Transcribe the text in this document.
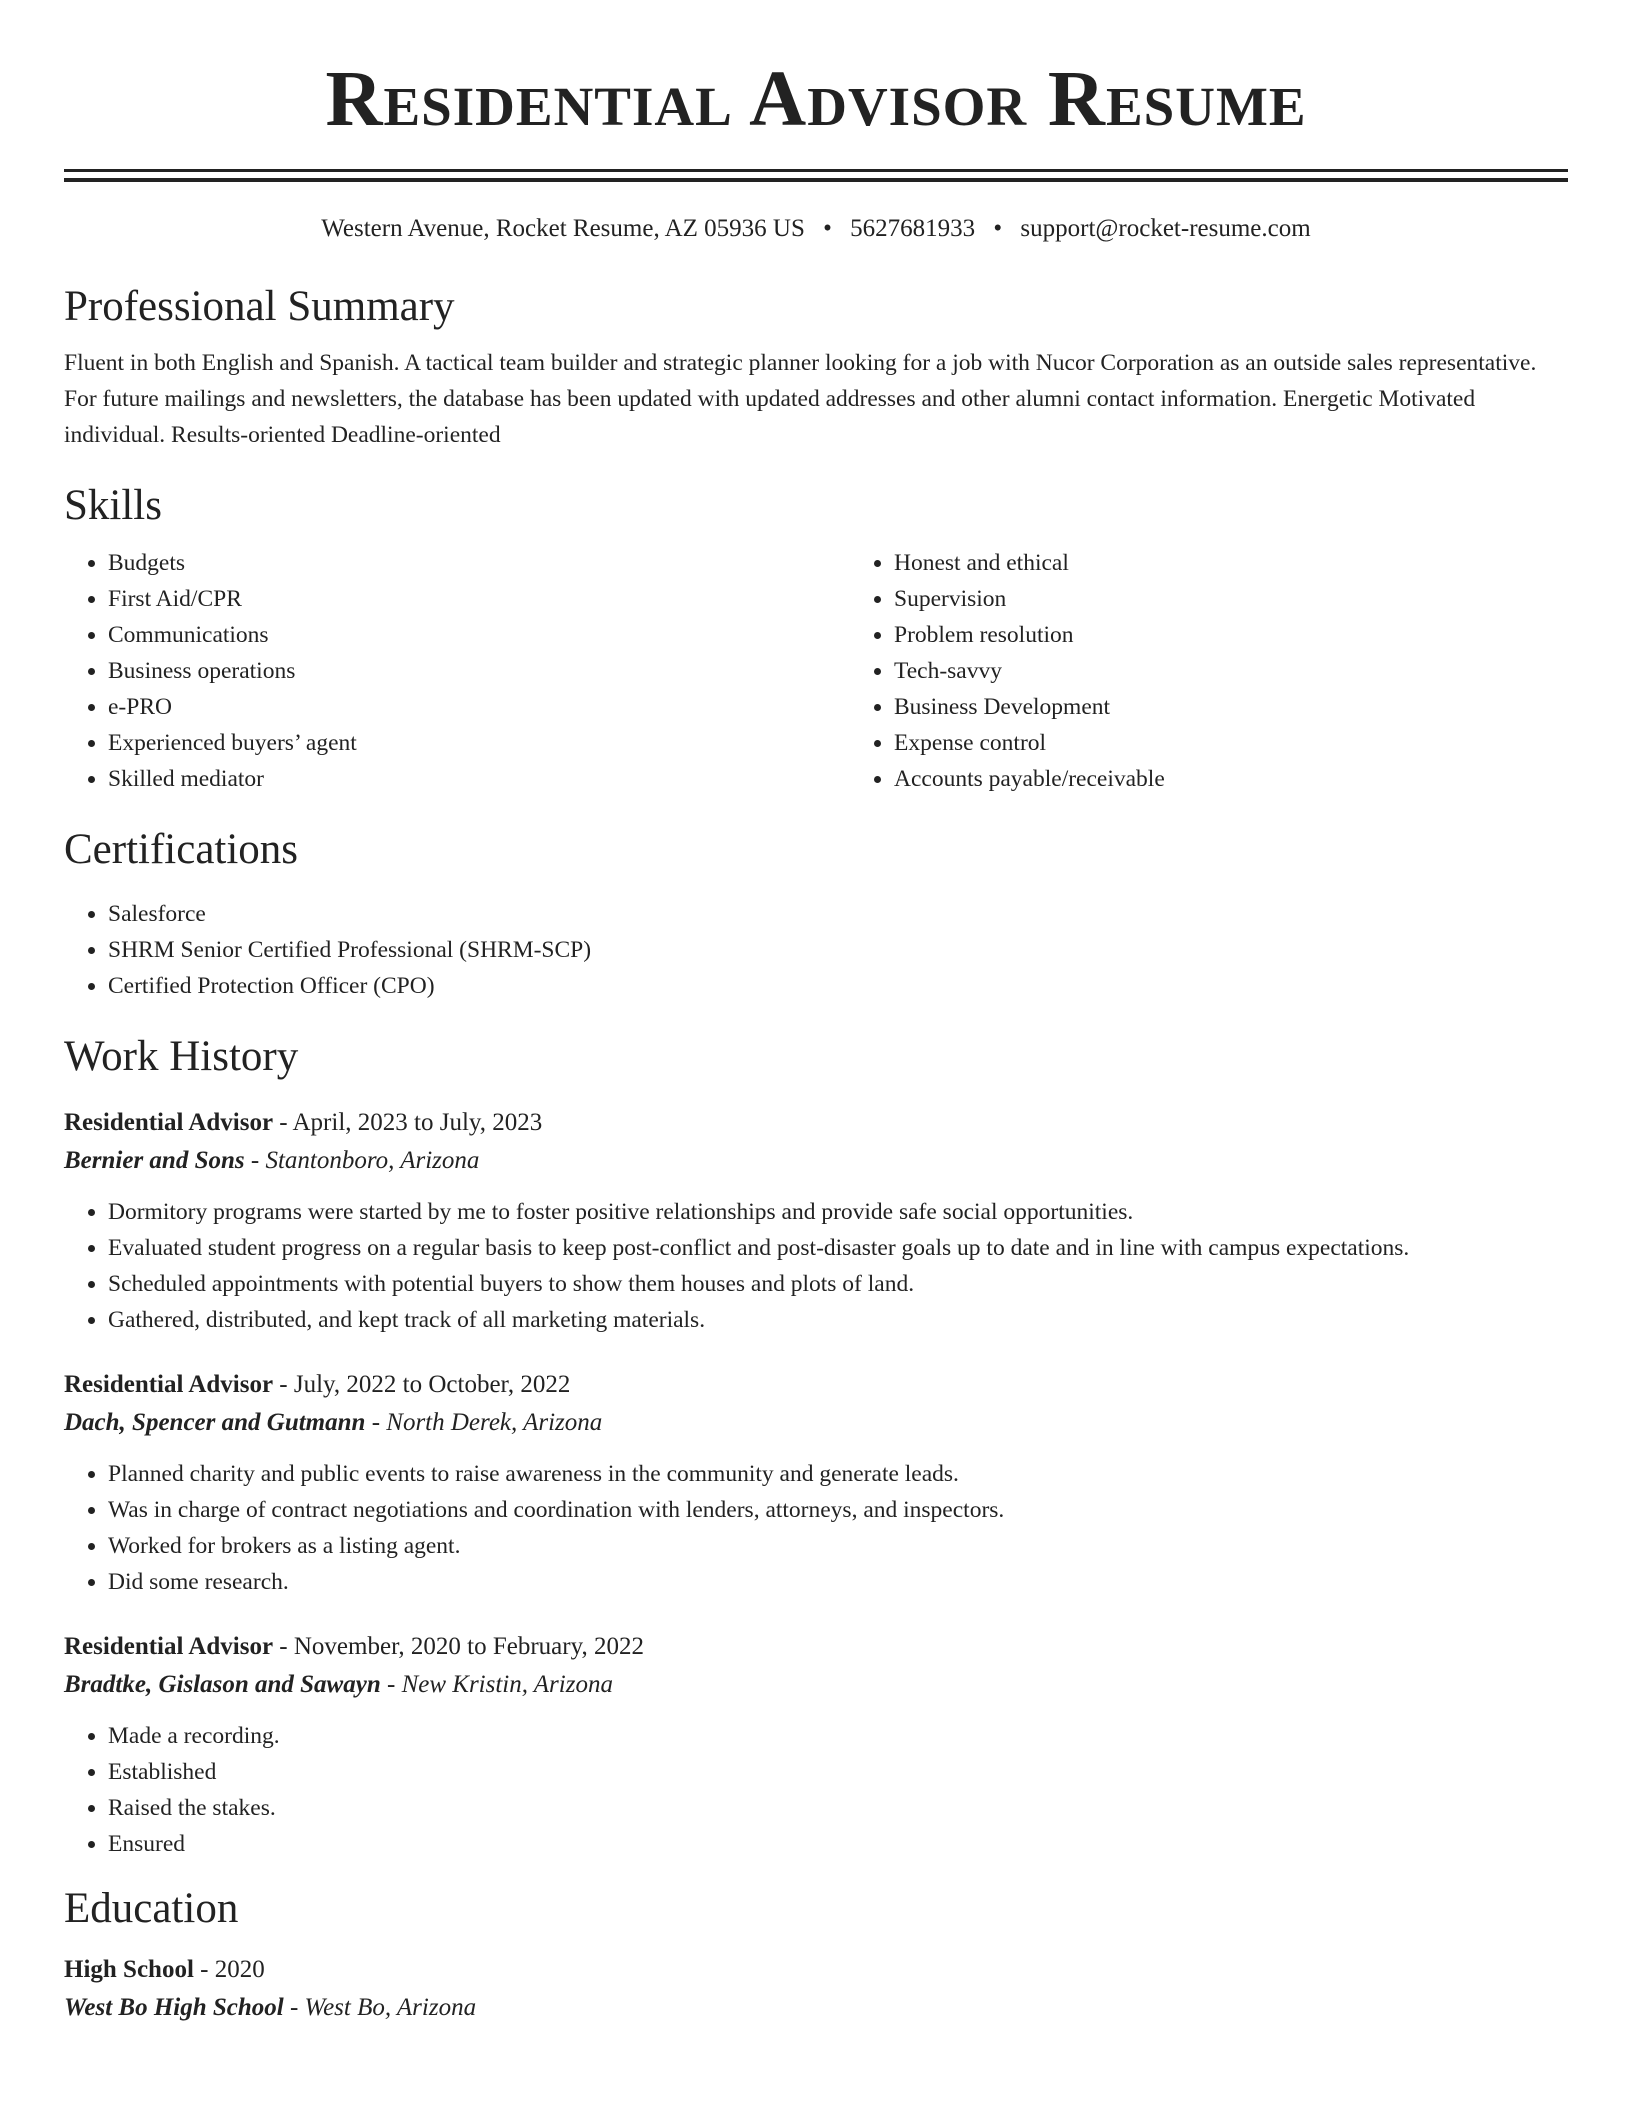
Residential Advisor Resume
Western Avenue, Rocket Resume, AZ 05936 US • 5627681933 • support@rocket-resume.com
Professional Summary

Fluent in both English and Spanish. A tactical team builder and strategic planner looking for a job with Nucor Corporation as an outside sales representative. For future mailings and newsletters, the database has been updated with updated addresses and other alumni contact information. Energetic Motivated individual. Results-oriented Deadline-oriented

Skills
• Budgets
• First Aid/CPR
• Communications
• Business operations
• e-PRO
• Experienced buyers’ agent
• Skilled mediator
• Honest and ethical
• Supervision
• Problem resolution
• Tech-savvy
• Business Development
• Expense control
• Accounts payable/receivable
Certifications
• Salesforce
• SHRM Senior Certified Professional (SHRM-SCP)
• Certified Protection Officer (CPO)
Work History
Residential Advisor - April, 2023 to July, 2023
Bernier and Sons - Stantonboro, Arizona
• Dormitory programs were started by me to foster positive relationships and provide safe social opportunities.
• Evaluated student progress on a regular basis to keep post-conflict and post-disaster goals up to date and in line with campus expectations.
• Scheduled appointments with potential buyers to show them houses and plots of land.
• Gathered, distributed, and kept track of all marketing materials.
Residential Advisor - July, 2022 to October, 2022
Dach, Spencer and Gutmann - North Derek, Arizona
• Planned charity and public events to raise awareness in the community and generate leads.
• Was in charge of contract negotiations and coordination with lenders, attorneys, and inspectors.
• Worked for brokers as a listing agent.
• Did some research.
Residential Advisor - November, 2020 to February, 2022
Bradtke, Gislason and Sawayn - New Kristin, Arizona
• Made a recording.
• Established
• Raised the stakes.
• Ensured
Education
High School - 2020
West Bo High School - West Bo, Arizona
